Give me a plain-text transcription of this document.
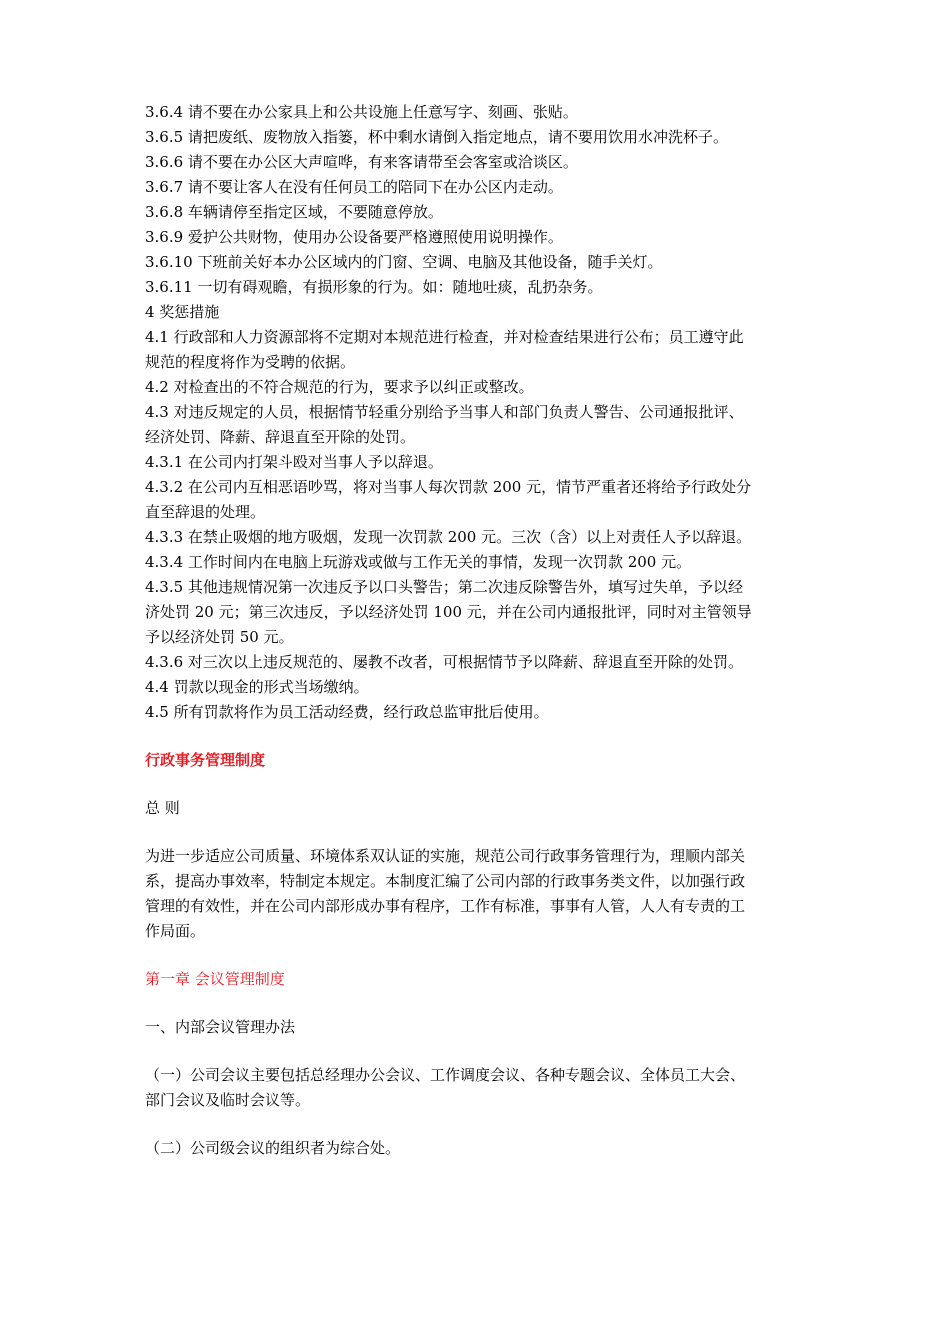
3.6.4 请不要在办公家具上和公共设施上任意写字、刻画、张贴。
3.6.5 请把废纸、废物放入指篓，杯中剩水请倒入指定地点，请不要用饮用水冲洗杯子。
3.6.6 请不要在办公区大声喧哗，有来客请带至会客室或洽谈区。
3.6.7 请不要让客人在没有任何员工的陪同下在办公区内走动。
3.6.8 车辆请停至指定区域，不要随意停放。
3.6.9 爱护公共财物，使用办公设备要严格遵照使用说明操作。
3.6.10 下班前关好本办公区域内的门窗、空调、电脑及其他设备，随手关灯。
3.6.11 一切有碍观瞻，有损形象的行为。如：随地吐痰，乱扔杂务。
4 奖惩措施
4.1 行政部和人力资源部将不定期对本规范进行检查，并对检查结果进行公布；员工遵守此
规范的程度将作为受聘的依据。
4.2 对检查出的不符合规范的行为，要求予以纠正或整改。
4.3 对违反规定的人员，根据情节轻重分别给予当事人和部门负责人警告、公司通报批评、
经济处罚、降薪、辞退直至开除的处罚。
4.3.1 在公司内打架斗殴对当事人予以辞退。
4.3.2 在公司内互相恶语吵骂，将对当事人每次罚款 200 元，情节严重者还将给予行政处分
直至辞退的处理。
4.3.3 在禁止吸烟的地方吸烟，发现一次罚款 200 元。三次（含）以上对责任人予以辞退。
4.3.4 工作时间内在电脑上玩游戏或做与工作无关的事情，发现一次罚款 200 元。
4.3.5 其他违规情况第一次违反予以口头警告；第二次违反除警告外，填写过失单，予以经
济处罚 20 元；第三次违反，予以经济处罚 100 元，并在公司内通报批评，同时对主管领导
予以经济处罚 50 元。
4.3.6 对三次以上违反规范的、屡教不改者，可根据情节予以降薪、辞退直至开除的处罚。
4.4 罚款以现金的形式当场缴纳。
4.5 所有罚款将作为员工活动经费，经行政总监审批后使用。
行政事务管理制度
总 则
为进一步适应公司质量、环境体系双认证的实施，规范公司行政事务管理行为，理顺内部关
系，提高办事效率，特制定本规定。本制度汇编了公司内部的行政事务类文件，以加强行政
管理的有效性，并在公司内部形成办事有程序，工作有标准，事事有人管，人人有专责的工
作局面。
第一章 会议管理制度
一、内部会议管理办法
（一）公司会议主要包括总经理办公会议、工作调度会议、各种专题会议、全体员工大会、
部门会议及临时会议等。
（二）公司级会议的组织者为综合处。
